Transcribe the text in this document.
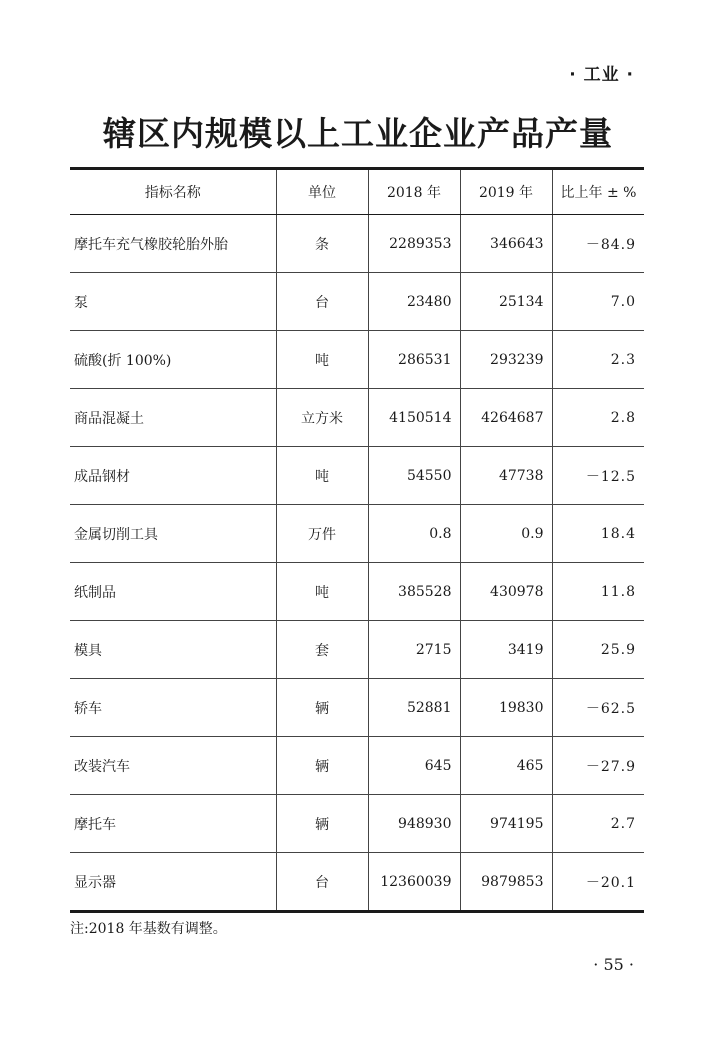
· 工业 ·
辖区内规模以上工业企业产品产量
指标名称	单位	2018 年	2019 年	比上年 ± %
摩托车充气橡胶轮胎外胎	条	2289353	346643	－84.9
泵	台	23480	25134	7.0
硫酸(折 100%)	吨	286531	293239	2.3
商品混凝土	立方米	4150514	4264687	2.8
成品钢材	吨	54550	47738	－12.5
金属切削工具	万件	0.8	0.9	18.4
纸制品	吨	385528	430978	11.8
模具	套	2715	3419	25.9
轿车	辆	52881	19830	－62.5
改装汽车	辆	645	465	－27.9
摩托车	辆	948930	974195	2.7
显示器	台	12360039	9879853	－20.1
注:2018 年基数有调整。
· 55 ·
